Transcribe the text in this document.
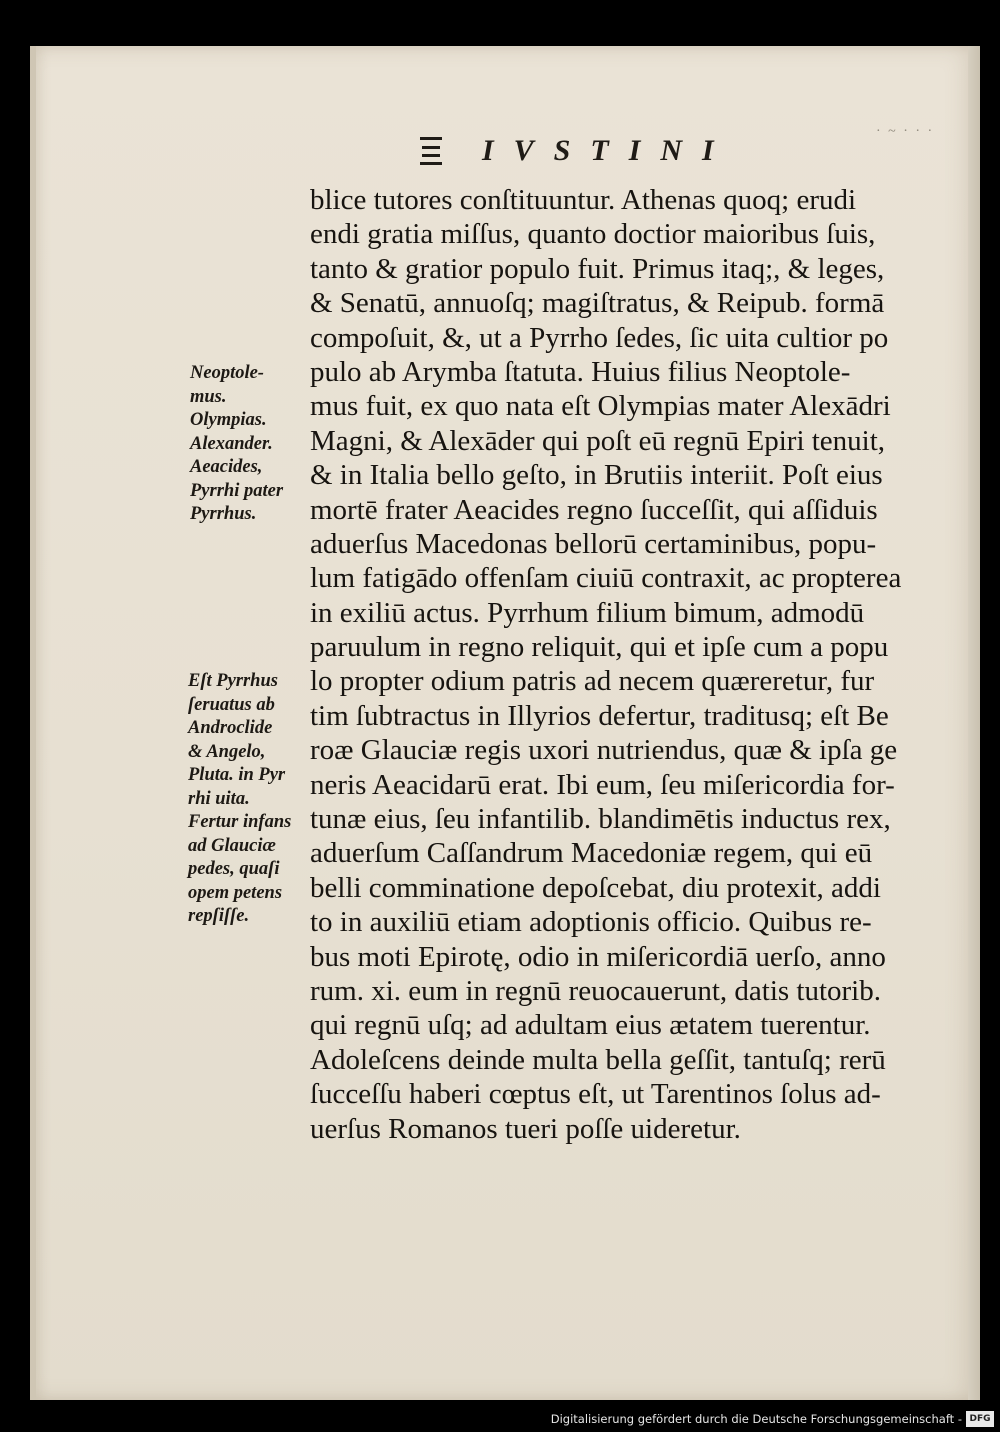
IVSTINI
· ~ · · ·
Neoptole-
mus.
Olympias.
Alexander.
Aeacides,
Pyrrhi pater
Pyrrhus.
Eſt Pyrrhus
ſeruatus ab
Androclide
& Angelo,
Pluta. in Pyr
rhi uita.
Fertur infans
ad Glauciæ
pedes, quaſi
opem petens
repſiſſe.
blice tutores conſtituuntur. Athenas quoq; erudi
endi gratia miſſus, quanto doctior maioribus ſuis,
tanto & gratior populo fuit. Primus itaq;, & leges,
& Senatū, annuoſq; magiſtratus, & Reipub. formā
compoſuit, &, ut a Pyrrho ſedes, ſic uita cultior po
pulo ab Arymba ſtatuta. Huius filius Neoptole-
mus fuit, ex quo nata eſt Olympias mater Alexādri
Magni, & Alexāder qui poſt eū regnū Epiri tenuit,
& in Italia bello geſto, in Brutiis interiit. Poſt eius
mortē frater Aeacides regno ſucceſſit, qui aſſiduis
aduerſus Macedonas bellorū certaminibus, popu-
lum fatigādo offenſam ciuiū contraxit, ac propterea
in exiliū actus. Pyrrhum filium bimum, admodū
paruulum in regno reliquit, qui et ipſe cum a popu
lo propter odium patris ad necem quæreretur, fur
tim ſubtractus in Illyrios defertur, traditusq; eſt Be
roæ Glauciæ regis uxori nutriendus, quæ & ipſa ge
neris Aeacidarū erat. Ibi eum, ſeu miſericordia for-
tunæ eius, ſeu infantilib. blandimētis inductus rex,
aduerſum Caſſandrum Macedoniæ regem, qui eū
belli comminatione depoſcebat, diu protexit, addi
to in auxiliū etiam adoptionis officio. Quibus re-
bus moti Epirotę, odio in miſericordiā uerſo, anno
rum. xi. eum in regnū reuocauerunt, datis tutorib.
qui regnū uſq; ad adultam eius ætatem tuerentur.
Adoleſcens deinde multa bella geſſit, tantuſq; rerū
ſucceſſu haberi cœptus eſt, ut Tarentinos ſolus ad-
uerſus Romanos tueri poſſe uideretur.
Digitalisierung gefördert durch die Deutsche Forschungsgemeinschaft - DFG
